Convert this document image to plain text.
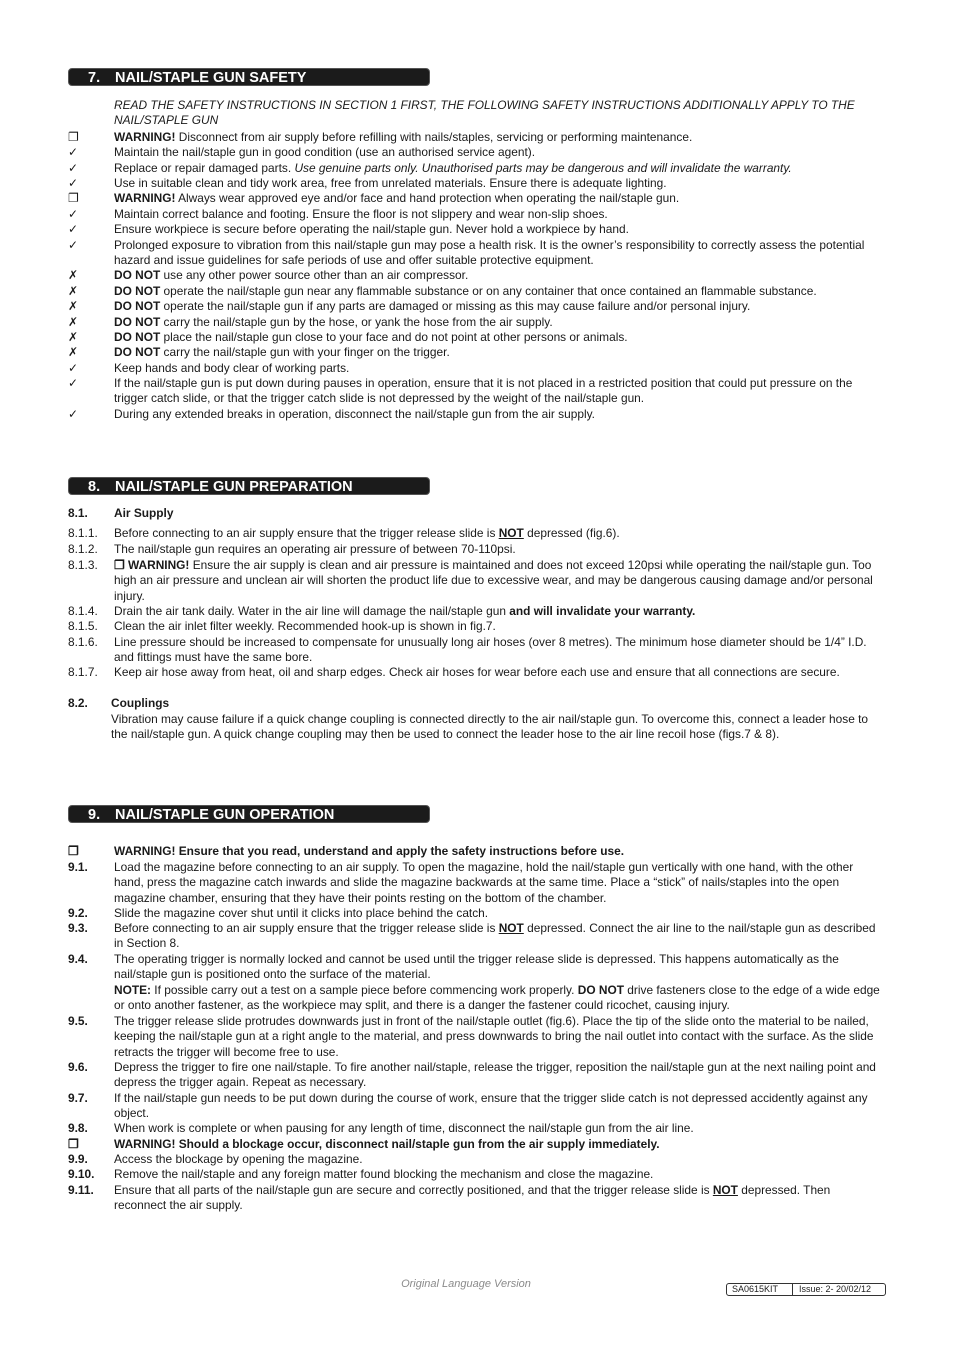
7. NAIL/STAPLE GUN SAFETY
READ THE SAFETY INSTRUCTIONS IN SECTION 1 FIRST, THE FOLLOWING SAFETY INSTRUCTIONS ADDITIONALLY APPLY TO THE NAIL/STAPLE GUN
❐	WARNING! Disconnect from air supply before refilling with nails/staples, servicing or performing maintenance.
✓	Maintain the nail/staple gun in good condition (use an authorised service agent).
✓	Replace or repair damaged parts. Use genuine parts only. Unauthorised parts may be dangerous and will invalidate the warranty.
✓	Use in suitable clean and tidy work area, free from unrelated materials. Ensure there is adequate lighting.
❐	WARNING! Always wear approved eye and/or face and hand protection when operating the nail/staple gun.
✓	Maintain correct balance and footing. Ensure the floor is not slippery and wear non-slip shoes.
✓	Ensure workpiece is secure before operating the nail/staple gun. Never hold a workpiece by hand.
✓	Prolonged exposure to vibration from this nail/staple gun may pose a health risk. It is the owner’s responsibility to correctly assess the potential hazard and issue guidelines for safe periods of use and offer suitable protective equipment.
✗	DO NOT use any other power source other than an air compressor.
✗	DO NOT operate the nail/staple gun near any flammable substance or on any container that once contained an flammable substance.
✗	DO NOT operate the nail/staple gun if any parts are damaged or missing as this may cause failure and/or personal injury.
✗	DO NOT carry the nail/staple gun by the hose, or yank the hose from the air supply.
✗	DO NOT place the nail/staple gun close to your face and do not point at other persons or animals.
✗	DO NOT carry the nail/staple gun with your finger on the trigger.
✓	Keep hands and body clear of working parts.
✓	If the nail/staple gun is put down during pauses in operation, ensure that it is not placed in a restricted position that could put pressure on the trigger catch slide, or that the trigger catch slide is not depressed by the weight of the nail/staple gun.
✓	During any extended breaks in operation, disconnect the nail/staple gun from the air supply.
8. NAIL/STAPLE GUN PREPARATION
8.1.	Air Supply
8.1.1.	Before connecting to an air supply ensure that the trigger release slide is NOT depressed (fig.6).
8.1.2.	The nail/staple gun requires an operating air pressure of between 70-110psi.
8.1.3.	❐ WARNING! Ensure the air supply is clean and air pressure is maintained and does not exceed 120psi while operating the nail/staple gun. Too high an air pressure and unclean air will shorten the product life due to excessive wear, and may be dangerous causing damage and/or personal injury.
8.1.4.	Drain the air tank daily. Water in the air line will damage the nail/staple gun and will invalidate your warranty.
8.1.5.	Clean the air inlet filter weekly. Recommended hook-up is shown in fig.7.
8.1.6.	Line pressure should be increased to compensate for unusually long air hoses (over 8 metres). The minimum hose diameter should be 1/4” I.D. and fittings must have the same bore.
8.1.7.	Keep air hose away from heat, oil and sharp edges. Check air hoses for wear before each use and ensure that all connections are secure.
8.2.	Couplings
Vibration may cause failure if a quick change coupling is connected directly to the air nail/staple gun. To overcome this, connect a leader hose to the nail/staple gun. A quick change coupling may then be used to connect the leader hose to the air line recoil hose (figs.7 & 8).
9. NAIL/STAPLE GUN OPERATION
❐	WARNING! Ensure that you read, understand and apply the safety instructions before use.
9.1.	Load the magazine before connecting to an air supply. To open the magazine, hold the nail/staple gun vertically with one hand, with the other hand, press the magazine catch inwards and slide the magazine backwards at the same time. Place a “stick” of nails/staples into the open magazine chamber, ensuring that they have their points resting on the bottom of the chamber.
9.2.	Slide the magazine cover shut until it clicks into place behind the catch.
9.3.	Before connecting to an air supply ensure that the trigger release slide is NOT depressed. Connect the air line to the nail/staple gun as described in Section 8.
9.4.	The operating trigger is normally locked and cannot be used until the trigger release slide is depressed. This happens automatically as the nail/staple gun is positioned onto the surface of the material.
NOTE: If possible carry out a test on a sample piece before commencing work properly. DO NOT drive fasteners close to the edge of a wide edge or onto another fastener, as the workpiece may split, and there is a danger the fastener could ricochet, causing injury.
9.5.	The trigger release slide protrudes downwards just in front of the nail/staple outlet (fig.6). Place the tip of the slide onto the material to be nailed, keeping the nail/staple gun at a right angle to the material, and press downwards to bring the nail outlet into contact with the surface. As the slide retracts the trigger will become free to use.
9.6.	Depress the trigger to fire one nail/staple. To fire another nail/staple, release the trigger, reposition the nail/staple gun at the next nailing point and depress the trigger again. Repeat as necessary.
9.7.	If the nail/staple gun needs to be put down during the course of work, ensure that the trigger slide catch is not depressed accidently against any object.
9.8.	When work is complete or when pausing for any length of time, disconnect the nail/staple gun from the air line.
❐	WARNING! Should a blockage occur, disconnect nail/staple gun from the air supply immediately.
9.9.	Access the blockage by opening the magazine.
9.10.	Remove the nail/staple and any foreign matter found blocking the mechanism and close the magazine.
9.11.	Ensure that all parts of the nail/staple gun are secure and correctly positioned, and that the trigger release slide is NOT depressed. Then reconnect the air supply.
Original Language Version	SA0615KIT Issue: 2- 20/02/12
